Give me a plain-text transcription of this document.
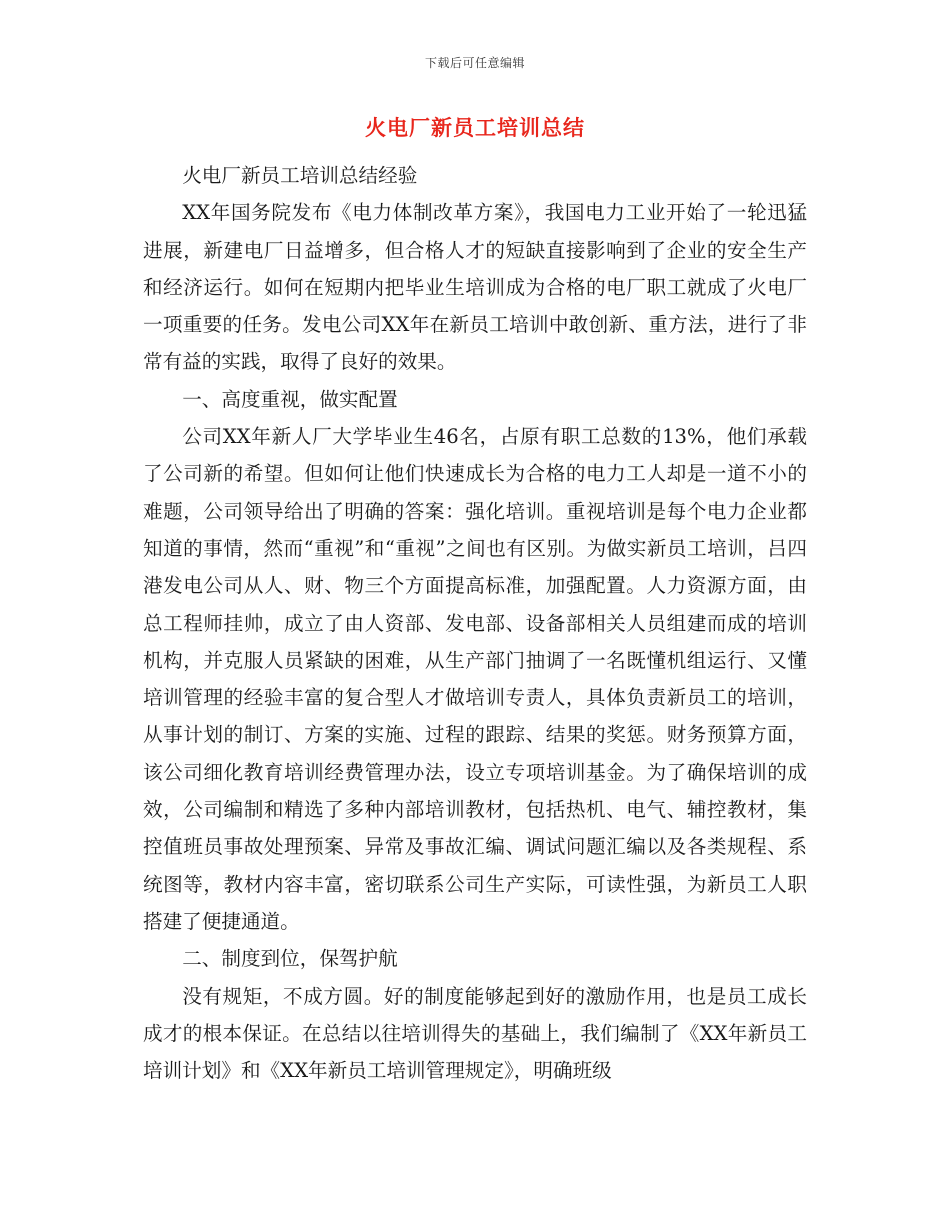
下载后可任意编辑
火电厂新员工培训总结

火电厂新员工培训总结经验

XX年国务院发布《电力体制改革方案》，我国电力工业开始了一轮迅猛进展，新建电厂日益增多，但合格人才的短缺直接影响到了企业的安全生产和经济运行。如何在短期内把毕业生培训成为合格的电厂职工就成了火电厂一项重要的任务。发电公司XX年在新员工培训中敢创新、重方法，进行了非常有益的实践，取得了良好的效果。

一、高度重视，做实配置

公司XX年新人厂大学毕业生46名，占原有职工总数的13%，他们承载了公司新的希望。但如何让他们快速成长为合格的电力工人却是一道不小的难题，公司领导给出了明确的答案：强化培训。重视培训是每个电力企业都知道的事情，然而“重视”和“重视”之间也有区别。为做实新员工培训，吕四港发电公司从人、财、物三个方面提高标准，加强配置。人力资源方面，由总工程师挂帅，成立了由人资部、发电部、设备部相关人员组建而成的培训机构，并克服人员紧缺的困难，从生产部门抽调了一名既懂机组运行、又懂培训管理的经验丰富的复合型人才做培训专责人，具体负责新员工的培训，从事计划的制订、方案的实施、过程的跟踪、结果的奖惩。财务预算方面，该公司细化教育培训经费管理办法，设立专项培训基金。为了确保培训的成效，公司编制和精选了多种内部培训教材，包括热机、电气、辅控教材，集控值班员事故处理预案、异常及事故汇编、调试问题汇编以及各类规程、系统图等，教材内容丰富，密切联系公司生产实际，可读性强，为新员工人职搭建了便捷通道。

二、制度到位，保驾护航

没有规矩，不成方圆。好的制度能够起到好的激励作用，也是员工成长成才的根本保证。在总结以往培训得失的基础上，我们编制了《XX年新员工培训计划》和《XX年新员工培训管理规定》，明确班级
